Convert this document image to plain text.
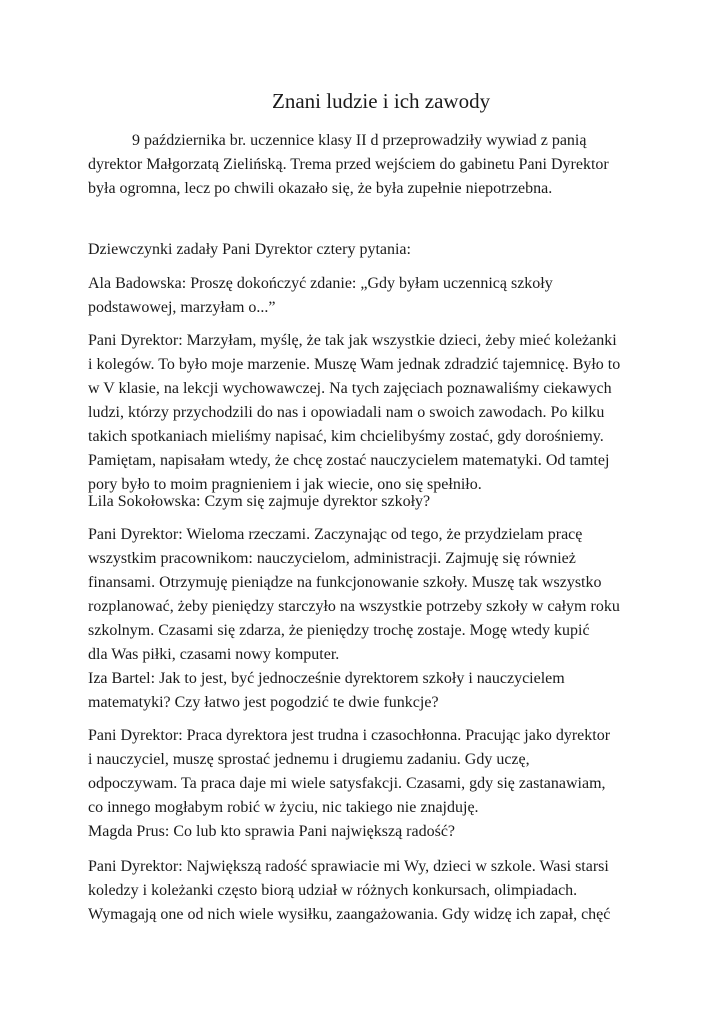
Znani ludzie i ich zawody
9 października br. uczennice klasy II d przeprowadziły wywiad z panią
dyrektor Małgorzatą Zielińską. Trema przed wejściem do gabinetu Pani Dyrektor
była ogromna, lecz po chwili okazało się, że była zupełnie niepotrzebna.
Dziewczynki zadały Pani Dyrektor cztery pytania:
Ala Badowska: Proszę dokończyć zdanie: „Gdy byłam uczennicą szkoły
podstawowej, marzyłam o...”
Pani Dyrektor: Marzyłam, myślę, że tak jak wszystkie dzieci, żeby mieć koleżanki
i kolegów. To było moje marzenie. Muszę Wam jednak zdradzić tajemnicę. Było to
w V klasie, na lekcji wychowawczej. Na tych zajęciach poznawaliśmy ciekawych
ludzi, którzy przychodzili do nas i opowiadali nam o swoich zawodach. Po kilku
takich spotkaniach mieliśmy napisać, kim chcielibyśmy zostać, gdy dorośniemy.
Pamiętam, napisałam wtedy, że chcę zostać nauczycielem matematyki. Od tamtej
pory było to moim pragnieniem i jak wiecie, ono się spełniło.
Lila Sokołowska: Czym się zajmuje dyrektor szkoły?
Pani Dyrektor: Wieloma rzeczami. Zaczynając od tego, że przydzielam pracę
wszystkim pracownikom: nauczycielom, administracji. Zajmuję się również
finansami. Otrzymuję pieniądze na funkcjonowanie szkoły. Muszę tak wszystko
rozplanować, żeby pieniędzy starczyło na wszystkie potrzeby szkoły w całym roku
szkolnym. Czasami się zdarza, że pieniędzy trochę zostaje. Mogę wtedy kupić
dla Was piłki, czasami nowy komputer.
Iza Bartel: Jak to jest, być jednocześnie dyrektorem szkoły i nauczycielem
matematyki? Czy łatwo jest pogodzić te dwie funkcje?
Pani Dyrektor: Praca dyrektora jest trudna i czasochłonna. Pracując jako dyrektor
i nauczyciel, muszę sprostać jednemu i drugiemu zadaniu. Gdy uczę,
odpoczywam. Ta praca daje mi wiele satysfakcji. Czasami, gdy się zastanawiam,
co innego mogłabym robić w życiu, nic takiego nie znajduję.
Magda Prus: Co lub kto sprawia Pani największą radość?
Pani Dyrektor: Największą radość sprawiacie mi Wy, dzieci w szkole. Wasi starsi
koledzy i koleżanki często biorą udział w różnych konkursach, olimpiadach.
Wymagają one od nich wiele wysiłku, zaangażowania. Gdy widzę ich zapał, chęć
